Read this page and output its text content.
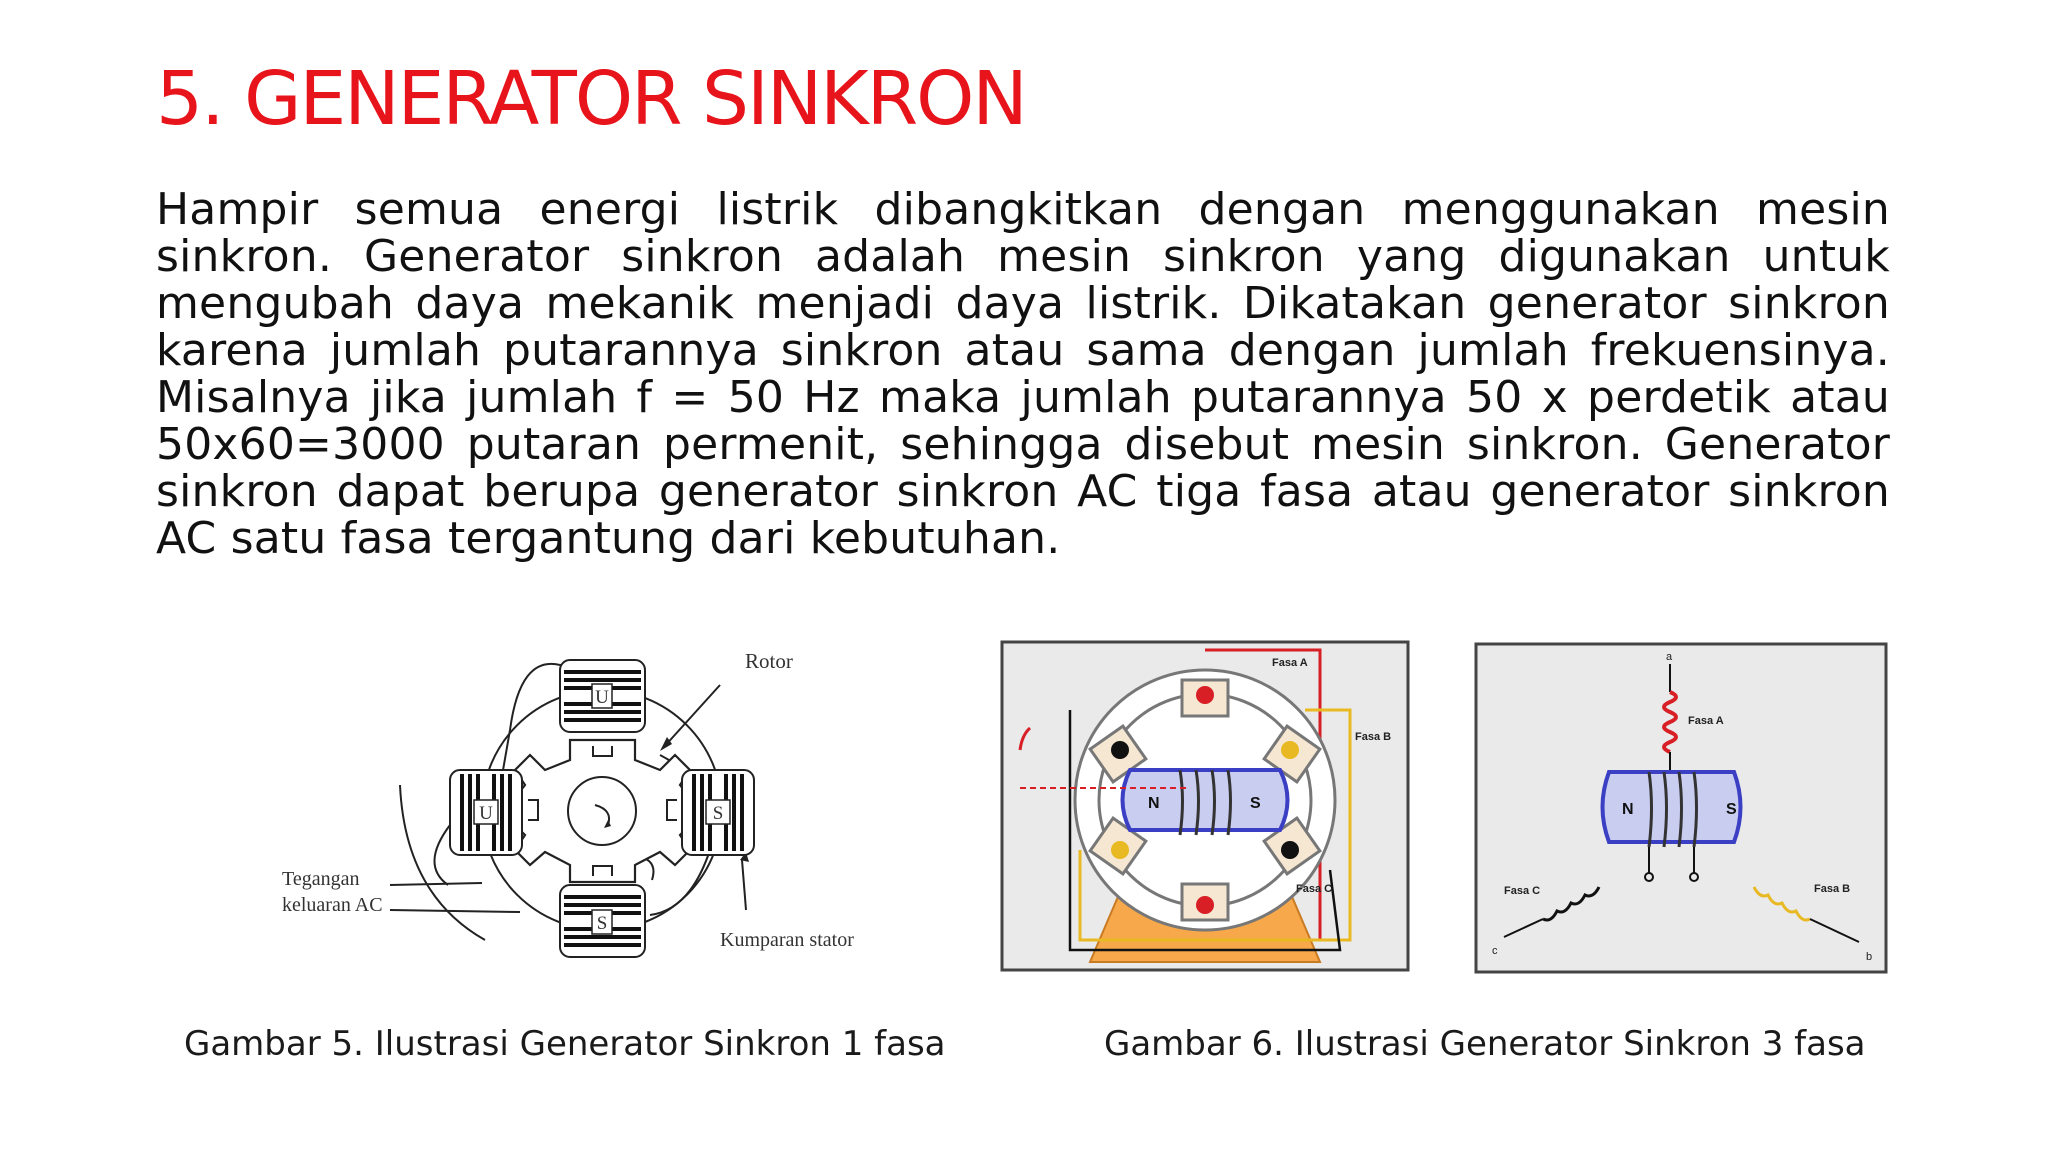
5. GENERATOR SINKRON

Hampir semua energi listrik dibangkitkan dengan menggunakan mesin sinkron. Generator sinkron adalah mesin sinkron yang digunakan untuk mengubah daya mekanik menjadi daya listrik. Dikatakan generator sinkron karena jumlah putarannya sinkron atau sama dengan jumlah frekuensinya. Misalnya jika jumlah f = 50 Hz maka jumlah putarannya 50 x perdetik atau 50x60=3000 putaran permenit, sehingga disebut mesin sinkron. Generator sinkron dapat berupa generator sinkron AC tiga fasa atau generator sinkron AC satu fasa tergantung dari kebutuhan.

U
S
U	S
Rotor
Tegangan
keluaran AC
Kumparan stator
N	S
Fasa A
Fasa B
Fasa C
N	S
a
b
c
Fasa A
Fasa B
Fasa C
Gambar 5. Ilustrasi Generator Sinkron 1 fasa	Gambar 6. Ilustrasi Generator Sinkron 3 fasa
